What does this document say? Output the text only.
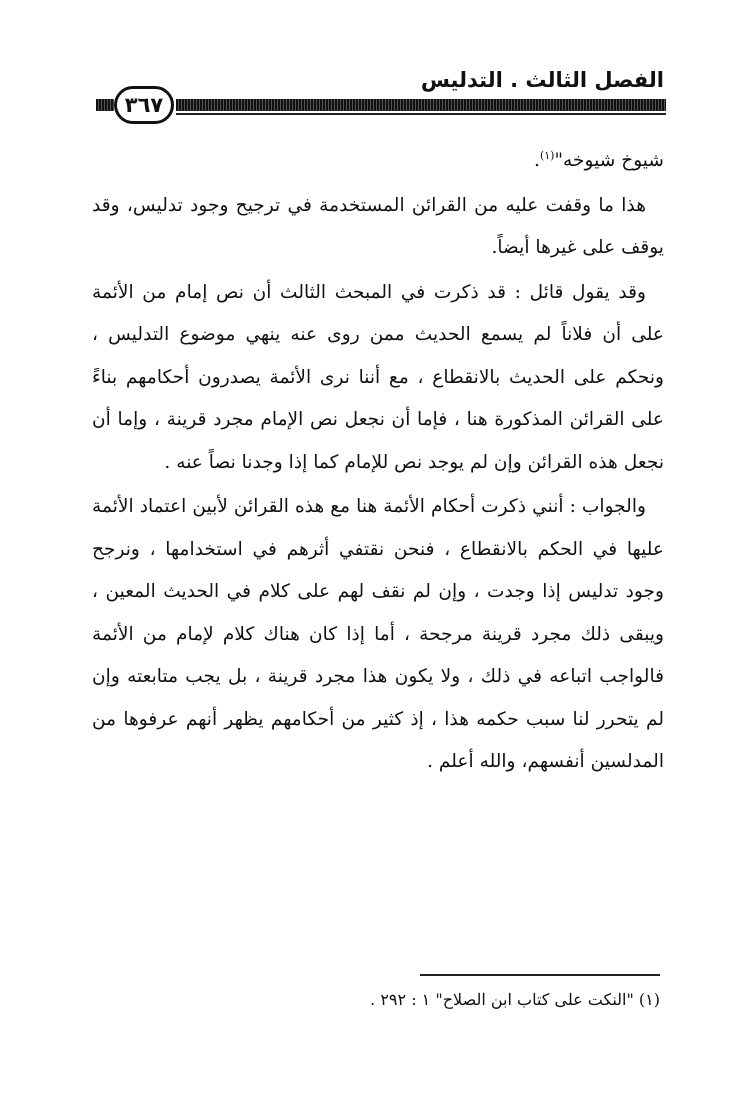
الفصل الثالث . التدليس
٣٦٧

شيوخ شيوخه"$^{(١)}$.

هذا ما وقفت عليه من القرائن المستخدمة في ترجيح وجود تدليس، وقد يوقف على غيرها أيضاً.

وقد يقول قائل : قد ذكرت في المبحث الثالث أن نص إمام من الأئمة على أن فلاناً لم يسمع الحديث ممن روى عنه ينهي موضوع التدليس ، ونحكم على الحديث بالانقطاع ، مع أننا نرى الأئمة يصدرون أحكامهم بناءً على القرائن المذكورة هنا ، فإما أن نجعل نص الإمام مجرد قرينة ، وإما أن نجعل هذه القرائن وإن لم يوجد نص للإمام كما إذا وجدنا نصاً عنه .

والجواب : أنني ذكرت أحكام الأئمة هنا مع هذه القرائن لأبين اعتماد الأئمة عليها في الحكم بالانقطاع ، فنحن نقتفي أثرهم في استخدامها ، ونرجح وجود تدليس إذا وجدت ، وإن لم نقف لهم على كلام في الحديث المعين ، ويبقى ذلك مجرد قرينة مرجحة ، أما إذا كان هناك كلام لإمام من الأئمة فالواجب اتباعه في ذلك ، ولا يكون هذا مجرد قرينة ، بل يجب متابعته وإن لم يتحرر لنا سبب حكمه هذا ، إذ كثير من أحكامهم يظهر أنهم عرفوها من المدلسين أنفسهم، والله أعلم .

(١) "النكت على كتاب ابن الصلاح" ١ : ٢٩٢ .
